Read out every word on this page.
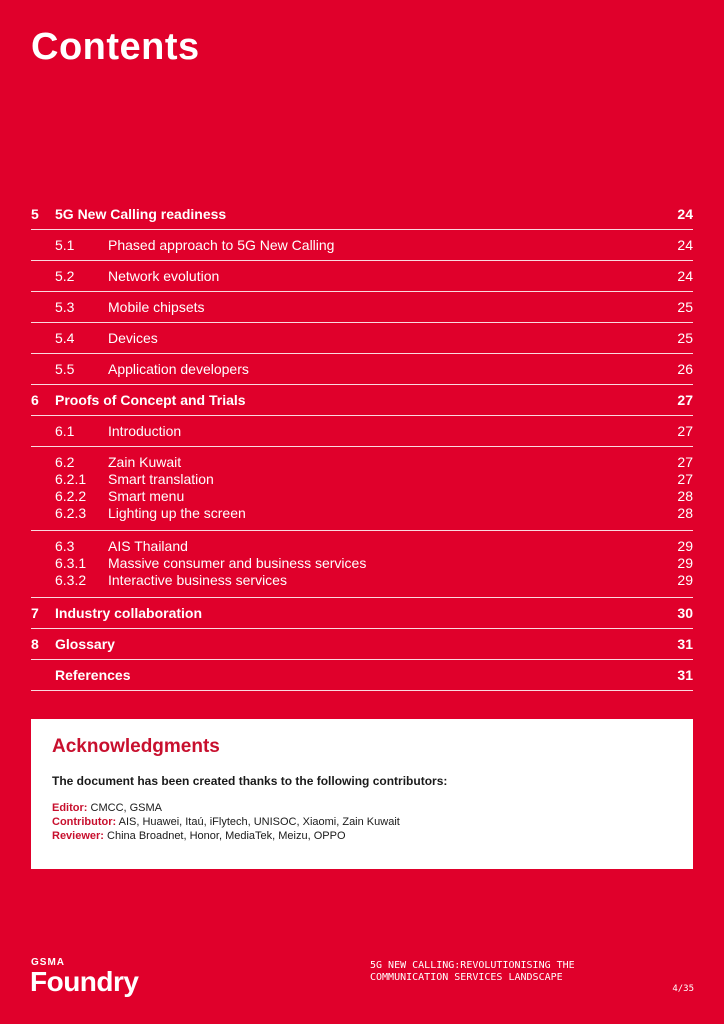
Contents
5	5G New Calling readiness	24
5.1	Phased approach to 5G New Calling	24
5.2	Network evolution	24
5.3	Mobile chipsets	25
5.4	Devices	25
5.5	Application developers	26
6	Proofs of Concept and Trials	27
6.1	Introduction	27
6.2	Zain Kuwait	27
6.2.1	Smart translation	27
6.2.2	Smart menu	28
6.2.3	Lighting up the screen	28
6.3	AIS Thailand	29
6.3.1	Massive consumer and business services	29
6.3.2	Interactive business services	29
7	Industry collaboration	30
8	Glossary	31
References	31
Acknowledgments
The document has been created thanks to the following contributors:
Editor: CMCC, GSMA
Contributor: AIS, Huawei, Itaú, iFlytech, UNISOC, Xiaomi, Zain Kuwait
Reviewer: China Broadnet, Honor, MediaTek, Meizu, OPPO
GSMA
Foundry
5G NEW CALLING:REVOLUTIONISING THE
COMMUNICATION SERVICES LANDSCAPE
4/35
